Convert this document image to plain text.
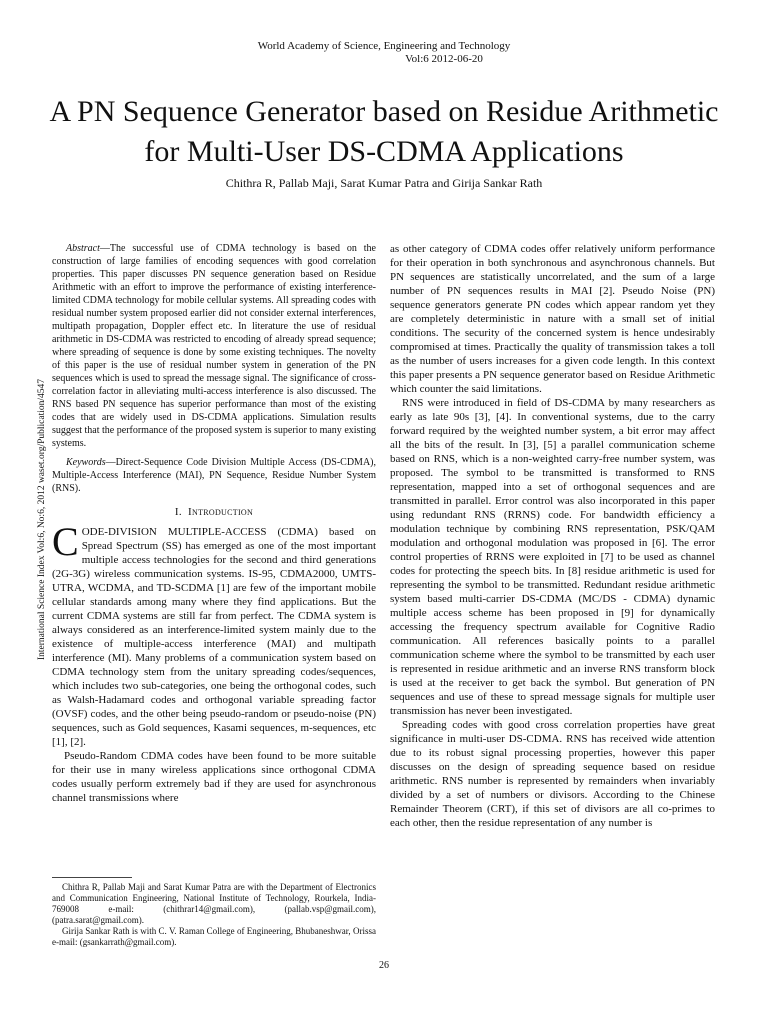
World Academy of Science, Engineering and Technology
Vol:6 2012-06-20
A PN Sequence Generator based on Residue Arithmetic for Multi-User DS-CDMA Applications
Chithra R, Pallab Maji, Sarat Kumar Patra and Girija Sankar Rath
International Science Index Vol:6, No:6, 2012 waset.org/Publication/4547

Abstract—The successful use of CDMA technology is based on the construction of large families of encoding sequences with good correlation properties. This paper discusses PN sequence generation based on Residue Arithmetic with an effort to improve the performance of existing interference-limited CDMA technology for mobile cellular systems. All spreading codes with residual number system proposed earlier did not consider external interferences, multipath propagation, Doppler effect etc. In literature the use of residual arithmetic in DS-CDMA was restricted to encoding of already spread sequence; where spreading of sequence is done by some existing techniques. The novelty of this paper is the use of residual number system in generation of the PN sequences which is used to spread the message signal. The significance of cross-correlation factor in alleviating multi-access interference is also discussed. The RNS based PN sequence has superior performance than most of the existing codes that are widely used in DS-CDMA applications. Simulation results suggest that the performance of the proposed system is superior to many existing systems.

Keywords—Direct-Sequence Code Division Multiple Access (DS-CDMA), Multiple-Access Interference (MAI), PN Sequence, Residue Number System (RNS).

I. Introduction

CODE-DIVISION MULTIPLE-ACCESS (CDMA) based on Spread Spectrum (SS) has emerged as one of the most important multiple access technologies for the second and third generations (2G-3G) wireless communication systems. IS-95, CDMA2000, UMTS-UTRA, WCDMA, and TD-SCDMA [1] are few of the important mobile cellular standards among many where they find applications. But the current CDMA systems are still far from perfect. The CDMA system is always considered as an interference-limited system mainly due to the existence of multiple-access interference (MAI) and multipath interference (MI). Many problems of a communication system based on CDMA technology stem from the unitary spreading codes/sequences, which includes two sub-categories, one being the orthogonal codes, such as Walsh-Hadamard codes and orthogonal variable spreading factor (OVSF) codes, and the other being pseudo-random or pseudo-noise (PN) sequences, such as Gold sequences, Kasami sequences, m-sequences, etc [1], [2].

Pseudo-Random CDMA codes have been found to be more suitable for their use in many wireless applications since orthogonal CDMA codes usually perform extremely bad if they are used for asynchronous channel transmissions where

as other category of CDMA codes offer relatively uniform performance for their operation in both synchronous and asynchronous channels. But PN sequences are statistically uncorrelated, and the sum of a large number of PN sequences results in MAI [2]. Pseudo Noise (PN) sequence generators generate PN codes which appear random yet they are completely deterministic in nature with a small set of initial conditions. The security of the concerned system is hence undesirably compromised at times. Practically the quality of transmission takes a toll as the number of users increases for a given code length. In this context this paper presents a PN sequence generator based on Residue Arithmetic which counter the said limitations.

RNS were introduced in field of DS-CDMA by many researchers as early as late 90s [3], [4]. In conventional systems, due to the carry forward required by the weighted number system, a bit error may affect all the bits of the result. In [3], [5] a parallel communication scheme based on RNS, which is a non-weighted carry-free number system, was proposed. The symbol to be transmitted is transformed to RNS representation, mapped into a set of orthogonal sequences and are transmitted in parallel. Error control was also incorporated in this paper using redundant RNS (RRNS) code. For bandwidth efficiency a modulation technique by combining RNS representation, PSK/QAM modulation and orthogonal modulation was proposed in [6]. The error control properties of RRNS were exploited in [7] to be used as channel codes for protecting the speech bits. In [8] residue arithmetic is used for representing the symbol to be transmitted. Redundant residue arithmetic system based multi-carrier DS-CDMA (MC/DS - CDMA) dynamic multiple access scheme has been proposed in [9] for dynamically accessing the frequency spectrum available for Cognitive Radio communication. All references basically points to a parallel communication scheme where the symbol to be transmitted by each user is represented in residue arithmetic and an inverse RNS transform block is used at the receiver to get back the symbol. But generation of PN sequences and use of these to spread message signals for multiple user transmission has never been investigated.

Spreading codes with good cross correlation properties have great significance in multi-user DS-CDMA. RNS has received wide attention due to its robust signal processing properties, however this paper discusses on the design of spreading sequence based on residue arithmetic. RNS number is represented by remainders when invariably divided by a set of numbers or divisors. According to the Chinese Remainder Theorem (CRT), if this set of divisors are all co-primes to each other, then the residue representation of any number is

Chithra R, Pallab Maji and Sarat Kumar Patra are with the Department of Electronics and Communication Engineering, National Institute of Technology, Rourkela, India-769008 e-mail: (chithrar14@gmail.com), (pallab.vsp@gmail.com), (patra.sarat@gmail.com).

Girija Sankar Rath is with C. V. Raman College of Engineering, Bhubaneshwar, Orissa e-mail: (gsankarrath@gmail.com).

26
